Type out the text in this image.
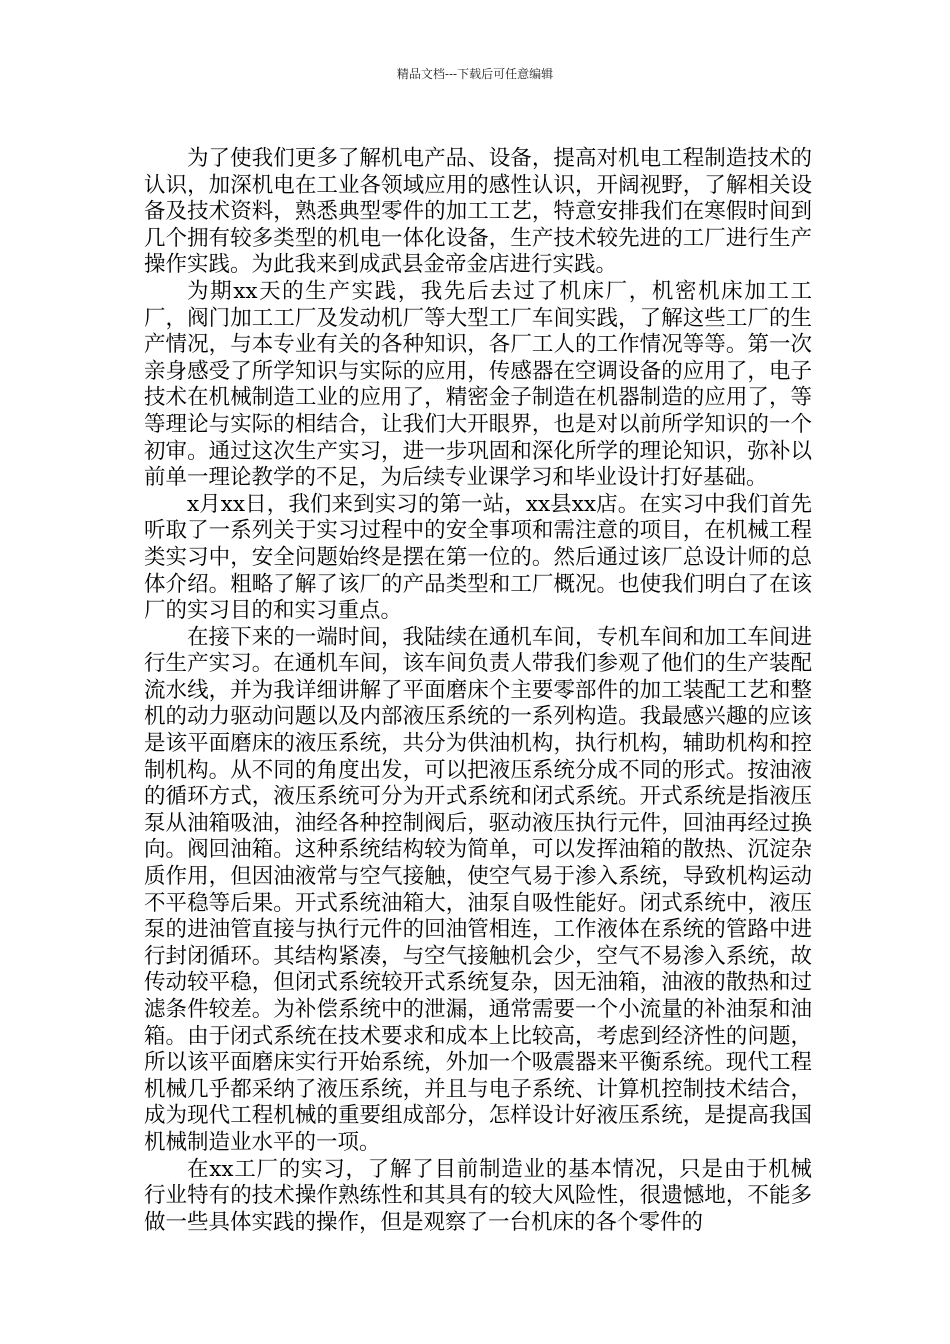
精品文档---下载后可任意编辑

为了使我们更多了解机电产品、设备，提高对机电工程制造技术的认识，加深机电在工业各领域应用的感性认识，开阔视野，了解相关设备及技术资料，熟悉典型零件的加工工艺，特意安排我们在寒假时间到几个拥有较多类型的机电一体化设备，生产技术较先进的工厂进行生产操作实践。为此我来到成武县金帝金店进行实践。

为期xx天的生产实践，我先后去过了机床厂，机密机床加工工厂，阀门加工工厂及发动机厂等大型工厂车间实践，了解这些工厂的生产情况，与本专业有关的各种知识，各厂工人的工作情况等等。第一次亲身感受了所学知识与实际的应用，传感器在空调设备的应用了，电子技术在机械制造工业的应用了，精密金子制造在机器制造的应用了，等等理论与实际的相结合，让我们大开眼界，也是对以前所学知识的一个初审。通过这次生产实习，进一步巩固和深化所学的理论知识，弥补以前单一理论教学的不足，为后续专业课学习和毕业设计打好基础。

x月xx日，我们来到实习的第一站，xx县xx店。在实习中我们首先听取了一系列关于实习过程中的安全事项和需注意的项目，在机械工程类实习中，安全问题始终是摆在第一位的。然后通过该厂总设计师的总体介绍。粗略了解了该厂的产品类型和工厂概况。也使我们明白了在该厂的实习目的和实习重点。

在接下来的一端时间，我陆续在通机车间，专机车间和加工车间进行生产实习。在通机车间，该车间负责人带我们参观了他们的生产装配流水线，并为我详细讲解了平面磨床个主要零部件的加工装配工艺和整机的动力驱动问题以及内部液压系统的一系列构造。我最感兴趣的应该是该平面磨床的液压系统，共分为供油机构，执行机构，辅助机构和控制机构。从不同的角度出发，可以把液压系统分成不同的形式。按油液的循环方式，液压系统可分为开式系统和闭式系统。开式系统是指液压泵从油箱吸油，油经各种控制阀后，驱动液压执行元件，回油再经过换向。阀回油箱。这种系统结构较为简单，可以发挥油箱的散热、沉淀杂质作用，但因油液常与空气接触，使空气易于渗入系统，导致机构运动不平稳等后果。开式系统油箱大，油泵自吸性能好。闭式系统中，液压泵的进油管直接与执行元件的回油管相连，工作液体在系统的管路中进行封闭循环。其结构紧凑，与空气接触机会少，空气不易渗入系统，故传动较平稳，但闭式系统较开式系统复杂，因无油箱，油液的散热和过滤条件较差。为补偿系统中的泄漏，通常需要一个小流量的补油泵和油箱。由于闭式系统在技术要求和成本上比较高，考虑到经济性的问题，所以该平面磨床实行开始系统，外加一个吸震器来平衡系统。现代工程机械几乎都采纳了液压系统，并且与电子系统、计算机控制技术结合，成为现代工程机械的重要组成部分，怎样设计好液压系统，是提高我国机械制造业水平的一项。

在xx工厂的实习，了解了目前制造业的基本情况，只是由于机械行业特有的技术操作熟练性和其具有的较大风险性，很遗憾地，不能多做一些具体实践的操作，但是观察了一台机床的各个零件的
